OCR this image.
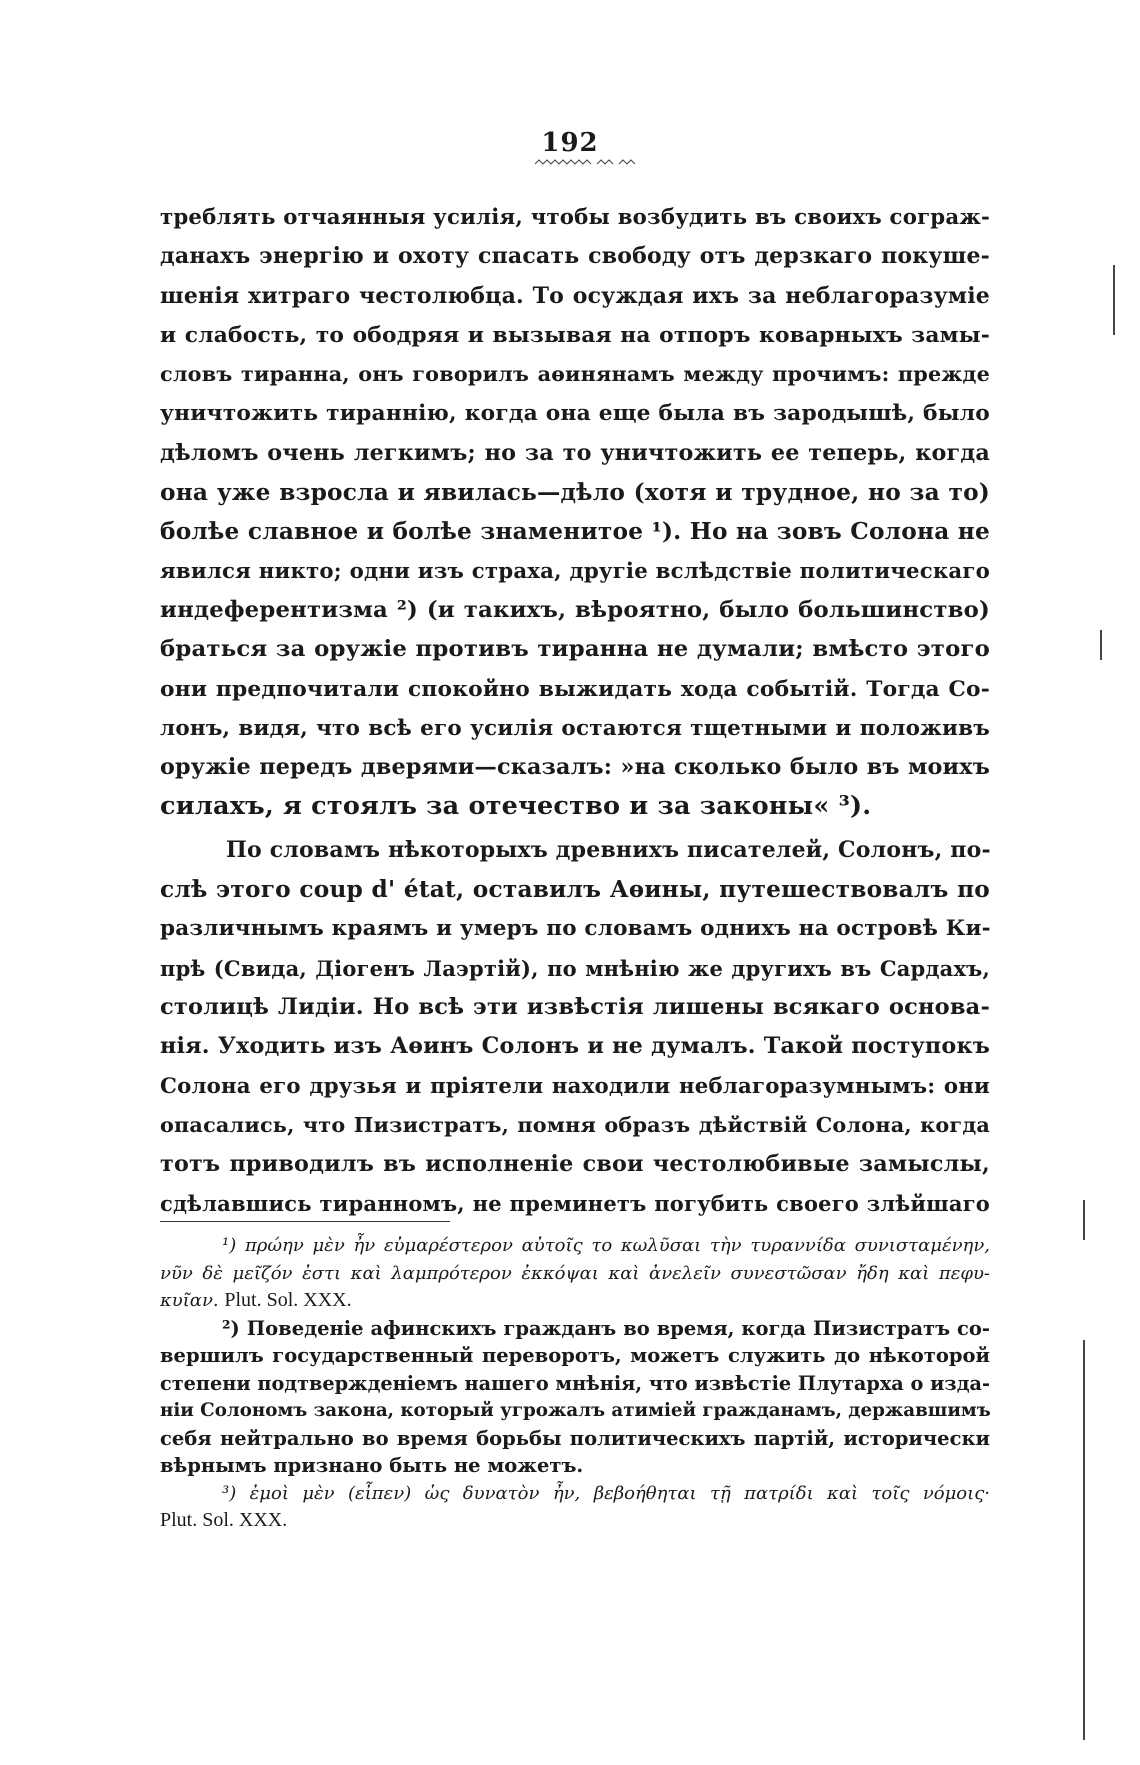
192
треблять отчаянныя усилія, чтобы возбудить въ своихъ сограж-
данахъ энергію и охоту спасать свободу отъ дерзкаго покуше-
шенія хитраго честолюбца. То осуждая ихъ за неблагоразуміе
и слабость, то ободряя и вызывая на отпоръ коварныхъ замы-
словъ тиранна, онъ говорилъ аѳинянамъ между прочимъ: прежде
уничтожить тираннію, когда она еще была въ зародышѣ, было
дѣломъ очень легкимъ; но за то уничтожить ее теперь, когда
она уже взросла и явилась—дѣло (хотя и трудное, но за то)
болѣе славное и болѣе знаменитое ¹). Но на зовъ Солона не
явился никто; одни изъ страха, другіе вслѣдствіе политическаго
индеферентизма ²) (и такихъ, вѣроятно, было большинство)
браться за оружіе противъ тиранна не думали; вмѣсто этого
они предпочитали спокойно выжидать хода событій. Тогда Со-
лонъ, видя, что всѣ его усилія остаются тщетными и положивъ
оружіе передъ дверями—сказалъ: »на сколько было въ моихъ
силахъ, я стоялъ за отечество и за законы« ³).
По словамъ нѣкоторыхъ древнихъ писателей, Солонъ, по-
слѣ этого coup d' état, оставилъ Аѳины, путешествовалъ по
различнымъ краямъ и умеръ по словамъ однихъ на островѣ Ки-
прѣ (Свида, Діогенъ Лаэртій), по мнѣнію же другихъ въ Сардахъ,
столицѣ Лидіи. Но всѣ эти извѣстія лишены всякаго основа-
нія. Уходить изъ Аѳинъ Солонъ и не думалъ. Такой поступокъ
Солона его друзья и пріятели находили неблагоразумнымъ: они
опасались, что Пизистратъ, помня образъ дѣйствій Солона, когда
тотъ приводилъ въ исполненіе свои честолюбивые замыслы,
сдѣлавшись тиранномъ, не преминетъ погубить своего злѣйшаго
¹) πρώην μὲν ἦν εὐμαρέστερον αὐτοῖς το κωλῦσαι τὴν τυραννίδα συνισταμένην,
νῦν δὲ μεῖζόν ἐστι καὶ λαμπρότερον ἐκκόψαι καὶ ἀνελεῖν συνεστῶσαν ἤδη καὶ πεφυ-
κυῖαν. Plut. Sol. XXX.
²) Поведеніе афинскихъ гражданъ во время, когда Пизистратъ со-
вершилъ государственный переворотъ, можетъ служить до нѣкоторой
степени подтвержденіемъ нашего мнѣнія, что извѣстіе Плутарха о изда-
ніи Солономъ закона, который угрожалъ атиміей гражданамъ, державшимъ
себя нейтрально во время борьбы политическихъ партій, исторически
вѣрнымъ признано быть не можетъ.
³) ἐμοὶ μὲν (εἶπεν) ὡς δυνατὸν ἦν, βεβοήθηται τῇ πατρίδι καὶ τοῖς νόμοις·
Plut. Sol. XXX.
